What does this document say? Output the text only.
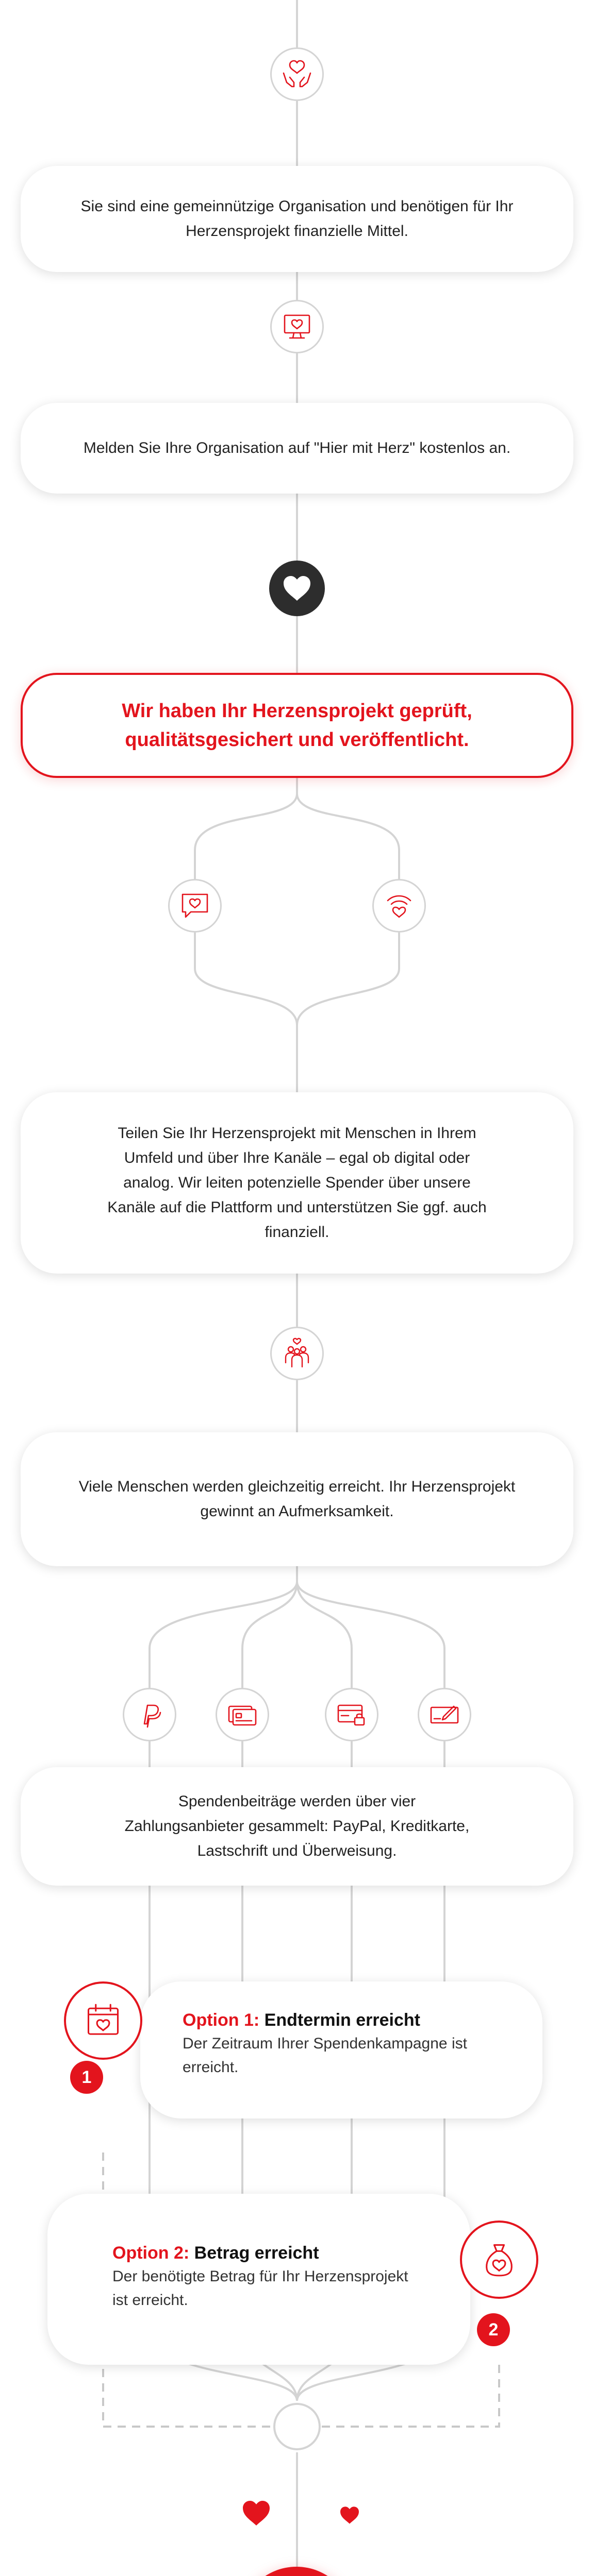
Sie sind eine gemeinnützige Organisation und benötigen für Ihr Herzensprojekt finanzielle Mittel.
Melden Sie Ihre Organisation auf "Hier mit Herz" kostenlos an.
Wir haben Ihr Herzensprojekt geprüft, qualitätsgesichert und veröffentlicht.
Teilen Sie Ihr Herzensprojekt mit Menschen in Ihrem Umfeld und über Ihre Kanäle – egal ob digital oder analog. Wir leiten potenzielle Spender über unsere Kanäle auf die Plattform und unterstützen Sie ggf. auch finanziell.
Viele Menschen werden gleichzeitig erreicht. Ihr Herzensprojekt gewinnt an Aufmerksamkeit.
Spendenbeiträge werden über vier Zahlungsanbieter gesammelt: PayPal, Kreditkarte, Lastschrift und Überweisung.
Option 1: Endtermin erreicht
Der Zeitraum Ihrer Spendenkampagne ist erreicht.
1
Option 2: Betrag erreicht
Der benötigte Betrag für Ihr Herzensprojekt ist erreicht.
2
